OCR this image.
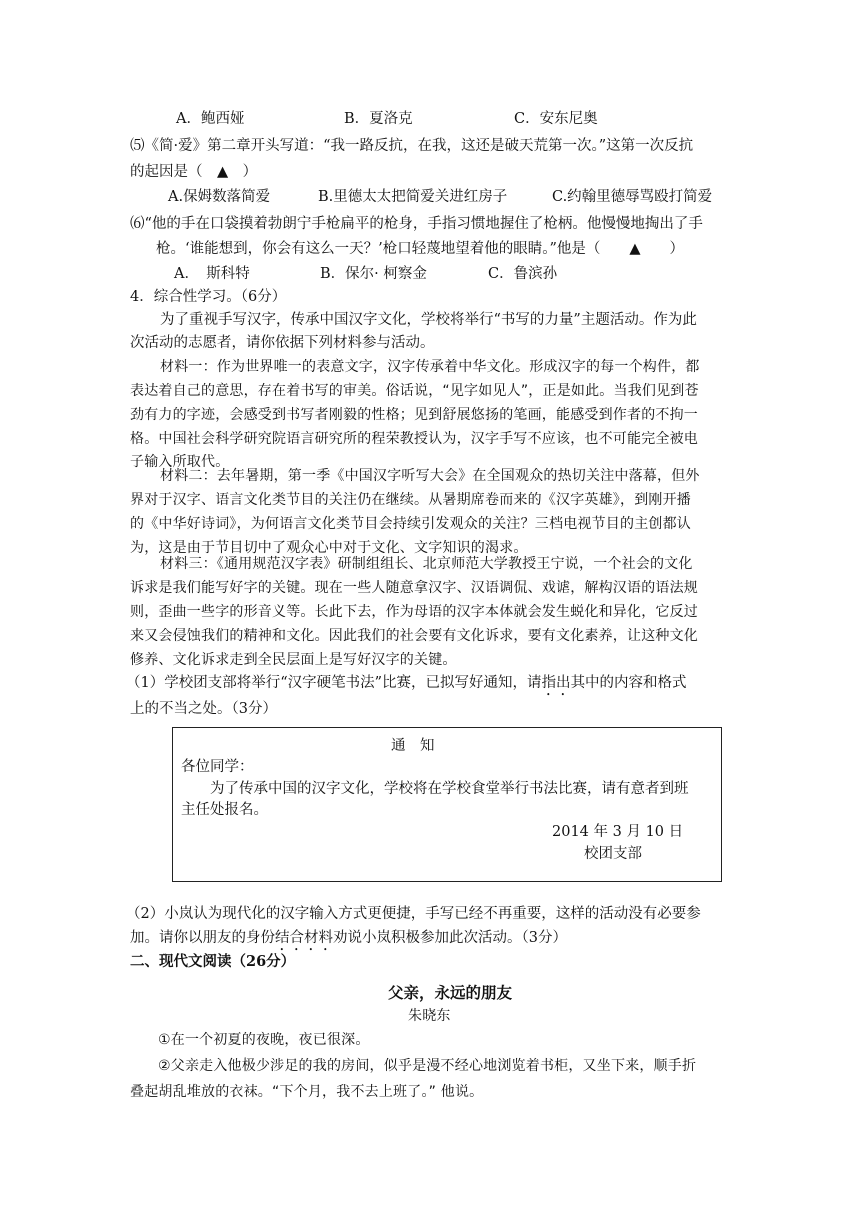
A．鲍西娅	B．夏洛克	C．安东尼奥
⑸《简·爱》第二章开头写道：“我一路反抗，在我，这还是破天荒第一次。”这第一次反抗
的起因是（　▲　）
A.保姆数落简爱	B.里德太太把简爱关进红房子	C.约翰里德辱骂殴打简爱
⑹“他的手在口袋摸着勃朗宁手枪扁平的枪身，手指习惯地握住了枪柄。他慢慢地掏出了手
枪。‘谁能想到，你会有这么一天？’枪口轻蔑地望着他的眼睛。”他是（　　▲　　）
A．　斯科特	B．保尔· 柯察金	C．鲁滨孙
4．综合性学习。（6分）
为了重视手写汉字，传承中国汉字文化，学校将举行“书写的力量”主题活动。作为此
次活动的志愿者，请你依据下列材料参与活动。
材料一：作为世界唯一的表意文字，汉字传承着中华文化。形成汉字的每一个构件，都
表达着自己的意思，存在着书写的审美。俗话说，“见字如见人”，正是如此。当我们见到苍
劲有力的字迹，会感受到书写者刚毅的性格；见到舒展悠扬的笔画，能感受到作者的不拘一
格。中国社会科学研究院语言研究所的程荣教授认为，汉字手写不应该，也不可能完全被电
子输入所取代。
材料二：去年暑期，第一季《中国汉字听写大会》在全国观众的热切关注中落幕，但外
界对于汉字、语言文化类节目的关注仍在继续。从暑期席卷而来的《汉字英雄》，到刚开播
的《中华好诗词》，为何语言文化类节目会持续引发观众的关注？三档电视节目的主创都认
为，这是由于节目切中了观众心中对于文化、文字知识的渴求。
材料三：《通用规范汉字表》研制组组长、北京师范大学教授王宁说，一个社会的文化
诉求是我们能写好字的关键。现在一些人随意拿汉字、汉语调侃、戏谑，解构汉语的语法规
则，歪曲一些字的形音义等。长此下去，作为母语的汉字本体就会发生蜕化和异化，它反过
来又会侵蚀我们的精神和文化。因此我们的社会要有文化诉求，要有文化素养，让这种文化
修养、文化诉求走到全民层面上是写好汉字的关键。
（1）学校团支部将举行“汉字硬笔书法”比赛，已拟写好通知，请指出其中的内容和格式
上的不当之处。（3分）
通　知
各位同学：
为了传承中国的汉字文化，学校将在学校食堂举行书法比赛，请有意者到班
主任处报名。
2014 年 3 月 10 日
校团支部
（2）小岚认为现代化的汉字输入方式更便捷，手写已经不再重要，这样的活动没有必要参
加。请你以朋友的身份结合材料劝说小岚积极参加此次活动。（3分）
二、现代文阅读（26分）
父亲，永远的朋友
朱晓东
①在一个初夏的夜晚，夜已很深。
②父亲走入他极少涉足的我的房间，似乎是漫不经心地浏览着书柜，又坐下来，顺手折
叠起胡乱堆放的衣袜。“下个月，我不去上班了。” 他说。
